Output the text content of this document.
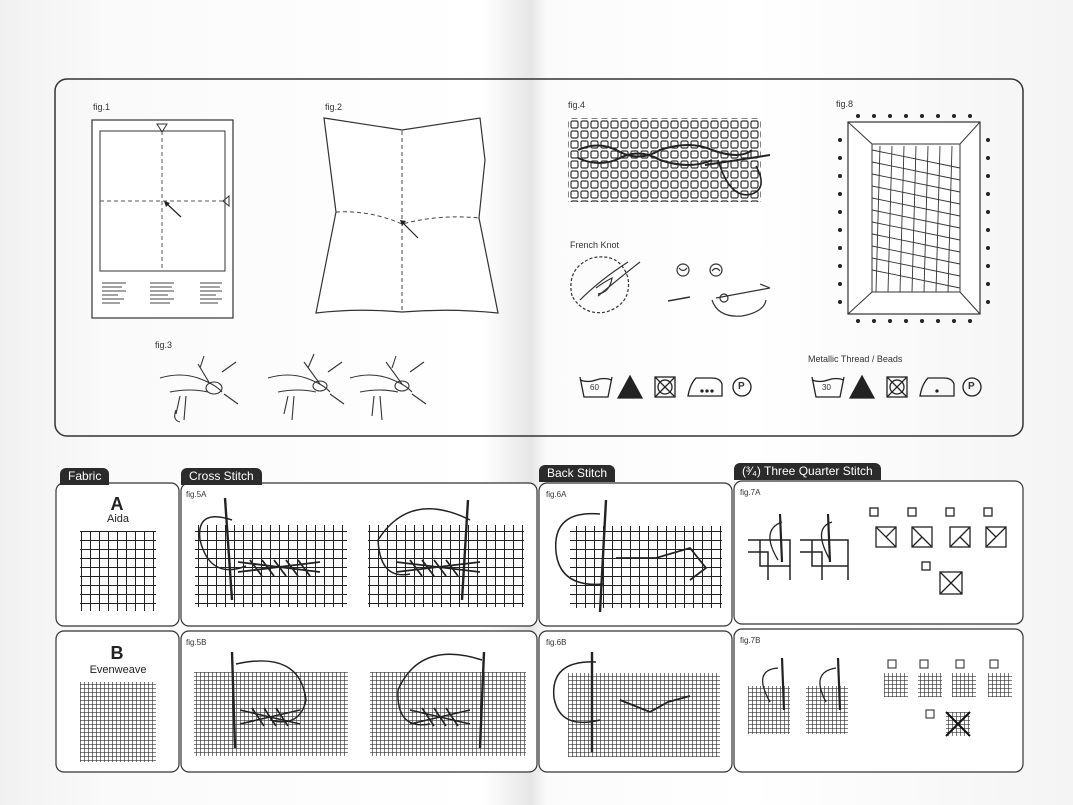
fig.1	fig.2
fig.3
fig.4	fig.8
French Knot
Metallic Thread / Beads
60	P	30	P
Fabric	Cross Stitch	Back Stitch	(³⁄₄) Three Quarter Stitch
A
Aida
B
Evenweave
fig.5A
fig.5B
fig.6A
fig.6B
fig.7A
fig.7B
